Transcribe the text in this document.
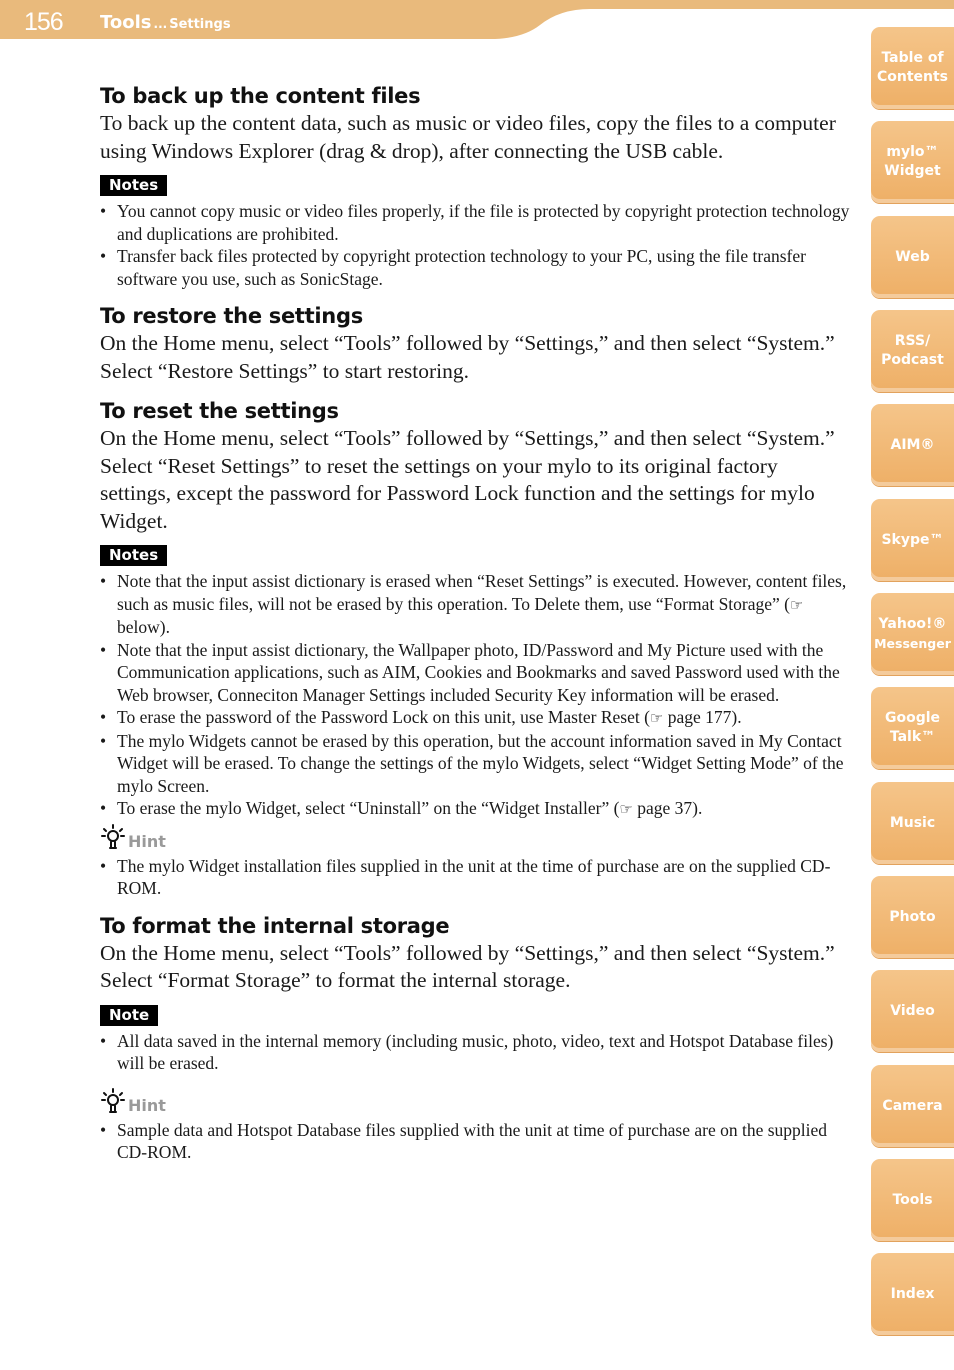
156 Tools ... Settings
Table of
Contents
mylo™
Widget
Web
RSS/
Podcast
AIM®
Skype™
Yahoo!®
Messenger
Google
Talk™
Music
Photo
Video
Camera
Tools
Index
To back up the content files

To back up the content data, such as music or video files, copy the files to a computer using Windows Explorer (drag & drop), after connecting the USB cable.

Notes
• You cannot copy music or video files properly, if the file is protected by copyright protection technology and duplications are prohibited.
• Transfer back files protected by copyright protection technology to your PC, using the file transfer software you use, such as SonicStage.
To restore the settings

On the Home menu, select “Tools” followed by “Settings,” and then select “System.”

Select “Restore Settings” to start restoring.

To reset the settings

On the Home menu, select “Tools” followed by “Settings,” and then select “System.”

Select “Reset Settings” to reset the settings on your mylo to its original factory settings, except the password for Password Lock function and the settings for mylo Widget.

Notes
• Note that the input assist dictionary is erased when “Reset Settings” is executed. However, content files, such as music files, will not be erased by this operation. To Delete them, use “Format Storage” (☞ below).
• Note that the input assist dictionary, the Wallpaper photo, ID/Password and My Picture used with the Communication applications, such as AIM, Cookies and Bookmarks and saved Password used with the Web browser, Conneciton Manager Settings included Security Key information will be erased.
• To erase the password of the Password Lock on this unit, use Master Reset (☞ page 177).
• The mylo Widgets cannot be erased by this operation, but the account information saved in My Contact Widget will be erased. To change the settings of the mylo Widgets, select “Widget Setting Mode” of the mylo Screen.
• To erase the mylo Widget, select “Uninstall” on the “Widget Installer” (☞ page 37).
Hint
• The mylo Widget installation files supplied in the unit at the time of purchase are on the supplied CD-ROM.
To format the internal storage

On the Home menu, select “Tools” followed by “Settings,” and then select “System.”

Select “Format Storage” to format the internal storage.

Note
• All data saved in the internal memory (including music, photo, video, text and Hotspot Database files) will be erased.
Hint
• Sample data and Hotspot Database files supplied with the unit at time of purchase are on the supplied CD-ROM.
